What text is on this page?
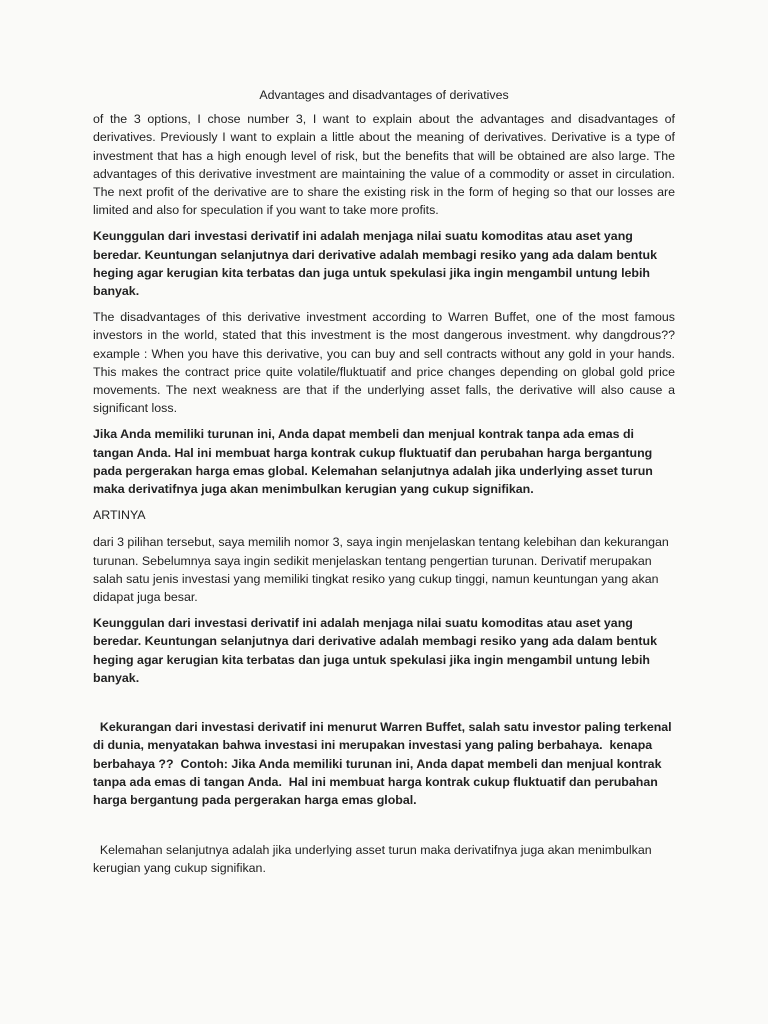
Advantages and disadvantages of derivatives

of the 3 options, I chose number 3, I want to explain about the advantages and disadvantages of derivatives. Previously I want to explain a little about the meaning of derivatives. Derivative is a type of investment that has a high enough level of risk, but the benefits that will be obtained are also large. The advantages of this derivative investment are maintaining the value of a commodity or asset in circulation. The next profit of the derivative are to share the existing risk in the form of heging so that our losses are limited and also for speculation if you want to take more profits.

Keunggulan dari investasi derivatif ini adalah menjaga nilai suatu komoditas atau aset yang beredar. Keuntungan selanjutnya dari derivative adalah membagi resiko yang ada dalam bentuk heging agar kerugian kita terbatas dan juga untuk spekulasi jika ingin mengambil untung lebih banyak.

The disadvantages of this derivative investment according to Warren Buffet, one of the most famous investors in the world, stated that this investment is the most dangerous investment. why dangdrous?? example : When you have this derivative, you can buy and sell contracts without any gold in your hands. This makes the contract price quite volatile/fluktuatif and price changes depending on global gold price movements. The next weakness are that if the underlying asset falls, the derivative will also cause a significant loss.

Jika Anda memiliki turunan ini, Anda dapat membeli dan menjual kontrak tanpa ada emas di tangan Anda. Hal ini membuat harga kontrak cukup fluktuatif dan perubahan harga bergantung pada pergerakan harga emas global. Kelemahan selanjutnya adalah jika underlying asset turun maka derivatifnya juga akan menimbulkan kerugian yang cukup signifikan.

ARTINYA

dari 3 pilihan tersebut, saya memilih nomor 3, saya ingin menjelaskan tentang kelebihan dan kekurangan turunan. Sebelumnya saya ingin sedikit menjelaskan tentang pengertian turunan. Derivatif merupakan salah satu jenis investasi yang memiliki tingkat resiko yang cukup tinggi, namun keuntungan yang akan didapat juga besar.

Keunggulan dari investasi derivatif ini adalah menjaga nilai suatu komoditas atau aset yang beredar. Keuntungan selanjutnya dari derivative adalah membagi resiko yang ada dalam bentuk heging agar kerugian kita terbatas dan juga untuk spekulasi jika ingin mengambil untung lebih banyak.

Kekurangan dari investasi derivatif ini menurut Warren Buffet, salah satu investor paling terkenal di dunia, menyatakan bahwa investasi ini merupakan investasi yang paling berbahaya.  kenapa berbahaya ??  Contoh: Jika Anda memiliki turunan ini, Anda dapat membeli dan menjual kontrak tanpa ada emas di tangan Anda.  Hal ini membuat harga kontrak cukup fluktuatif dan perubahan harga bergantung pada pergerakan harga emas global.

Kelemahan selanjutnya adalah jika underlying asset turun maka derivatifnya juga akan menimbulkan kerugian yang cukup signifikan.
